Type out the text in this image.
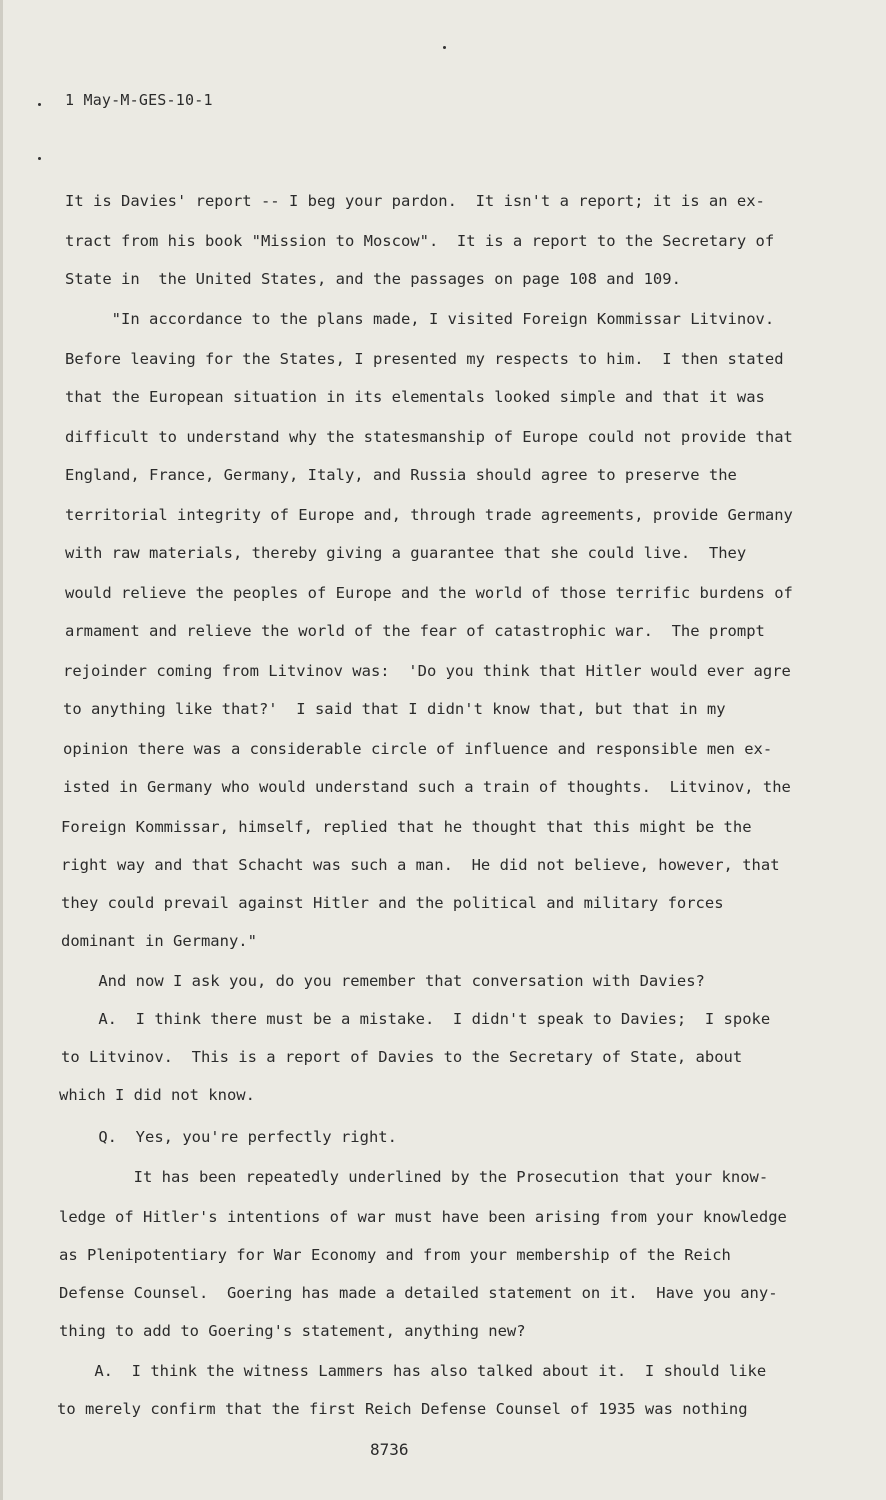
1 May-M-GES-10-1
It is Davies' report -- I beg your pardon.  It isn't a report; it is an ex-
tract from his book "Mission to Moscow".  It is a report to the Secretary of
State in  the United States, and the passages on page 108 and 109.
"In accordance to the plans made, I visited Foreign Kommissar Litvinov.
Before leaving for the States, I presented my respects to him.  I then stated
that the European situation in its elementals looked simple and that it was
difficult to understand why the statesmanship of Europe could not provide that
England, France, Germany, Italy, and Russia should agree to preserve the
territorial integrity of Europe and, through trade agreements, provide Germany
with raw materials, thereby giving a guarantee that she could live.  They
would relieve the peoples of Europe and the world of those terrific burdens of
armament and relieve the world of the fear of catastrophic war.  The prompt
rejoinder coming from Litvinov was:  'Do you think that Hitler would ever agre
to anything like that?'  I said that I didn't know that, but that in my
opinion there was a considerable circle of influence and responsible men ex-
isted in Germany who would understand such a train of thoughts.  Litvinov, the
Foreign Kommissar, himself, replied that he thought that this might be the
right way and that Schacht was such a man.  He did not believe, however, that
they could prevail against Hitler and the political and military forces
dominant in Germany."
And now I ask you, do you remember that conversation with Davies?
A.  I think there must be a mistake.  I didn't speak to Davies;  I spoke
to Litvinov.  This is a report of Davies to the Secretary of State, about
which I did not know.
Q.  Yes, you're perfectly right.
It has been repeatedly underlined by the Prosecution that your know-
ledge of Hitler's intentions of war must have been arising from your knowledge
as Plenipotentiary for War Economy and from your membership of the Reich
Defense Counsel.  Goering has made a detailed statement on it.  Have you any-
thing to add to Goering's statement, anything new?
A.  I think the witness Lammers has also talked about it.  I should like
to merely confirm that the first Reich Defense Counsel of 1935 was nothing
8736
